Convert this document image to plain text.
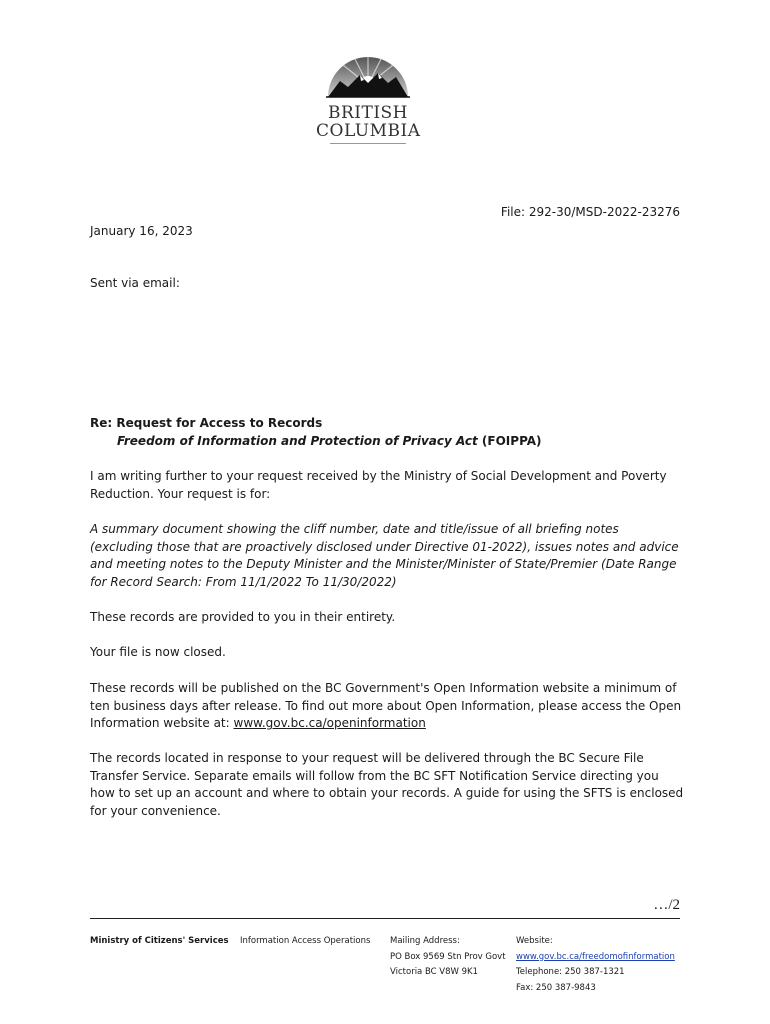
BRITISH
COLUMBIA
File: 292-30/MSD-2022-23276
January 16, 2023
Sent via email:
Re: Request for Access to Records
Freedom of Information and Protection of Privacy Act (FOIPPA)
I am writing further to your request received by the Ministry of Social Development and Poverty Reduction. Your request is for:
A summary document showing the cliff number, date and title/issue of all briefing notes (excluding those that are proactively disclosed under Directive 01-2022), issues notes and advice and meeting notes to the Deputy Minister and the Minister/Minister of State/Premier (Date Range for Record Search: From 11/1/2022 To 11/30/2022)
These records are provided to you in their entirety.
Your file is now closed.
These records will be published on the BC Government's Open Information website a minimum of ten business days after release. To find out more about Open Information, please access the Open Information website at: www.gov.bc.ca/openinformation
The records located in response to your request will be delivered through the BC Secure File Transfer Service. Separate emails will follow from the BC SFT Notification Service directing you how to set up an account and where to obtain your records. A guide for using the SFTS is enclosed for your convenience.
…/2
Ministry of Citizens' Services Information Access Operations Mailing Address:
PO Box 9569 Stn Prov Govt
Victoria BC V8W 9K1
Website:
www.gov.bc.ca/freedomofinformation
Telephone: 250 387-1321
Fax: 250 387-9843
